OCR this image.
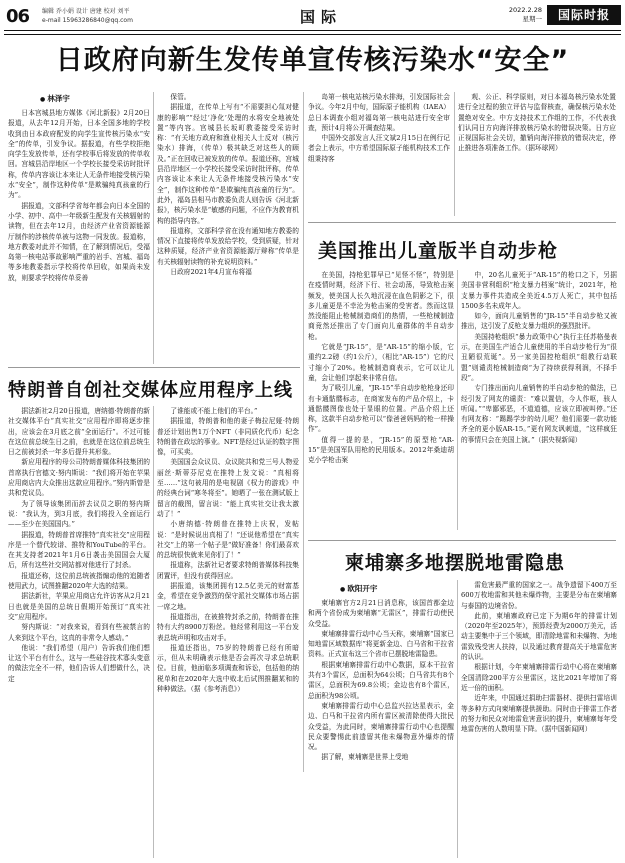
06 编辑 乔小娟 设计 唐建 校对 刘平
e-mail 15963286840@qq.com	国际	2022.2.28
星期一	国际时报
日政府向新生发传单宣传核污染水“安全”
● 林泽宇

日本宫城县地方媒体《河北新报》2月20日报道，从去年12月开始，日本全国多地的学校收到由日本政府配发的向学生宣传核污染水“安全”的传单，引发争议。据报道，有些学校拒绝向学生发放传单，还有学校事后将发放的传单收回。宫城县沿岸地区一个学校长接受采访时批评称，传单内容该让本来让人无条件地接受核污染水“安全”，制作这种传单“是欺骗纯真孩童的行为”。

据报道，文部科学省每年都会向日本全国的小学、初中、高中一年级新生配发有关核辐射的读物，但在去年12月，由经济产业省资源能源厅制作的涉核传单被与这物一同发放。报道称，地方教委对此并不知情，在了解到情况后，受福岛第一核电站事故影响严重的岩手、宫城、福岛等多地教委指示学校将传单回收，如果尚未发放，则要求学校将传单妥善

保管。

据报道，在传单上写有“不需要担心氚对健康的影响”“经过‘净化’处理的水将安全地被处置”等内容。宫城县长坂町教委接受采访时称：“有关地方政府和渔业相关人士反对（核污染水）排海，（传单）极其缺乏对这些人的顾及。”正在回收已被发放的传单。报道还称，宫城县沿岸地区一小学校长接受采访时批评称，传单内容该让本来让人无条件地接受核污染水“安全”，制作这种传单“是欺骗纯真孩童的行为”。此外，福岛县相马市教委负责人则告诉《河北新报》，核污染水是“敏感的问题，不应作为教育机构的指导内容。”

报道称，文部科学省在没有通知地方教委的情况下直接将传单发放给学校，受到质疑，针对这种质疑，经济产业省资源能源厅辩称“传单是有关核辐射读物的补充说明资料。”

日政府2021年4月宣布将福

岛第一核电站核污染水排海，引发国际社会争议。今年2月中旬，国际原子能机构（IAEA）总日本调查小组对福岛第一核电站进行安全审查，预计4月将公开调查结果。

中国外交部发言人汪文斌2月15日在例行记者会上表示，中方希望国际原子能机构技术工作组秉持客

观、公正、科学原则，对日本福岛核污染水处置进行全过程的独立评估与监督核查，确保核污染水处置绝对安全。中方支持技术工作组的工作，不代表我们认同日方向海洋排放核污染水的错误决策。日方应正视国际社会关切，撤销向海洋排放的错误决定，停止推进各项准备工作。（据环球网）

美国推出儿童版半自动步枪

在美国，持枪犯罪早已“见怪不怪”，特别是在疫情时期，经济下行、社会动荡，导致枪击案频发，使美国人长久地沉浸在血色阴影之下，很多儿童更是不幸沦为枪击案的受害者。然而这显然没能阻止枪械制造商们的热情，一些枪械制造商竟然还推出了专门面向儿童群体的半自动步枪。

它就是“JR-15”，是“AR-15”的缩小版，它重约2.2磅（约1公斤），（相比“AR-15”）它的尺寸缩小了20%。枪械制造商表示，它可以让儿童，会让他们享起来非常自信。

为了吸引儿童，“JR-15”半自动步枪枪身还印有卡通骷髅标志，在商家发布的产品介绍上，卡通骷髅图像也处于显眼的位置。产品介绍上还称，这款半自动步枪可以“像爸爸妈妈的枪一样操作”。

值得一提的是，“JR-15”的原型枪“AR-15”是美国军队用枪的民用版本。2012年桑迪胡克小学枪击案

中，20名儿童死于“AR-15”的枪口之下，另据美国非营利组织“枪支暴力档案”统计，2021年，枪支暴力事件共造成全美近4.5万人死亡，其中包括1500多名未成年人。

如今，面向儿童销售的“JR-15”半自动步枪又被推出，这引发了反枪支暴力组织的强烈批评。

美国持枪组织“暴力政策中心”执行主任苏格曼表示，在美国生产适合儿童使用的半自动步枪行为“很丑陋很荒诞”。另一家美国控枪组织“组教行动联盟”则谴责枪械制造商“为了持续获得利润，不择手段”。

专门推出面向儿童销售的半自动步枪的做法，已经引发了网友的谴责：“难以置信，今人作呕，骇人听闻。”“卑鄙邪恶，不道道德，应该立即被叫停。”还有网友称：“踢踢学步的幼儿呢？他们需要一款功能齐全的更小版AR-15。”更有网友讽刺道，“这样疯狂的事情只会在美国上演。”（据央视新闻）

特朗普自创社交媒体应用程序上线

据法新社2月20日报道，唐纳德·特朗普的新社交媒体平台“真实社交”应用程序即将逐步推出，应该会在3月底之前“全面运行”。不过可能在这位前总统生日之前，也就是在这位前总统生日之前被封杀一年多后提升其形象。

新应用程序的母公司特朗普媒体科技集团的首席执行官德文·努内斯说：“我们将开始在苹果应用商店内大众推出这款应用程序。”努内斯曾是共和党议员。

为了领导该集团而辞去议员之职的努内斯说：“我认为，到3月底，我们将投入全面运行——至少在美国国内。”

据报道，特朗普首席推特“真实社交”应用程序是一个替代较谱、推特和YouTube的平台。在其支持者2021年1月6日袭击美国国会大厦后，所有这些社交网站都对他进行了封杀。

报道还称，这位前总统被指煽动他的追随者使用武力，试图推翻2020年大选的结果。

据法新社，苹果应用商店允许访客从2月21日也就是美国的总统日假期开始预订“真实社交”应用程序。

努内斯说：“对我来说，看到有些被禁言的人来到这个平台，这真的非常令人感动。”

他说：“我们希望（用户）告诉我们他们想让这个平台有什么，这与一些硅谷技术寡头变意的做法完全不一样，他们告诉人们想做什么，决定

了谁能或不能上他们的平台。”

据报道，特朗普和他的妻子梅拉尼娅·特朗普还计划出售1万个NFT（非同质化代币）纪念特朗普在政坛的事业。NFT是经过认证的数字图像，可买卖。

美国国会众议员、众议院共和党三号人物爱丽丝·斯蒂芬尼克在推特上发文说：“真相将至……”这句被用的是电视剧《权力的游戏》中的经典台词“寒冬将至”。她晒了一张在测试版上留言的截图，留言说：“能上真实社交让我太激动了！”

小唐纳德·特朗普在推特上庆祝，发帖说：“是时候说出真相了！”还说他希望在“真实社交”上的第一个帖子是“做好准备！你们最喜欢的总统很快就来见你们了！”

报道称，法新社记者要求特朗普媒体科技集团置评，但没有获得回应。

据报道，该集团拥有12.5亿美元的财富基金，希望在竞争激烈的保守派社交媒体市场占据一席之地。

报道指出，在被推特封杀之前，特朗普在推特有大约8900万粉丝。他经常利用这一平台发表总统声明和攻击对手。

报道还指出，75岁的特朗普已经有所暗示，但从未明确表示他是否会再次寻求总统职位。目前，他面临多项调查和诉讼，包括他的纳税单和在2020年大选中败北后试图推翻某和的种种做法。（据《参考消息》）

柬埔寨多地摆脱地雷隐患
● 欧阳开宇

柬埔寨官方2月21日消息称，该国首都金边和两个省份成为柬埔寨“无雷区”，排雷行动使民众受益。

柬埔寨排雷行动中心当天称，柬埔寨“国家已知地雷区域数据库”将更新金边、白马省和干拉省资料。正式宣布这三个省市已摆脱地雷隐患。

根据柬埔寨排雷行动中心数据，原本干拉省共有3个雷区，总面积为64公顷；白马省共有8个雷区，总面积为69.8公顷；金边也有8个雷区，总面积为98公顷。

柬埔寨排雷行动中心总监兴拉达星表示，金边、白马和干拉省内所有雷区被清除使得大批民众受益，为此同时，柬埔寨排雷行动中心也提醒民众要警惕此前遗留其他未爆物意外爆炸的情况。

据了解，柬埔寨是世界上受地

雷危害最严重的国家之一。战争遗留下400万至600万枚地雷和其他未爆炸物，主要是分布在柬埔寨与泰国的边境省份。

此前，柬埔寨政府已定下为期6年的排雷计划（2020年至2025年），预算经费为2000万美元，活动主要集中于三个领域，即清除地雷和未爆物、为地雷致残受害人扶持，以及通过教育提高关于地雷危害的认识。

根据计划，今年柬埔寨排雷行动中心将在柬埔寨全国清除200平方公里雷区，这比2021年增加了将近一倍的面积。

近年来，中国通过捐助扫雷器材、提供扫雷培训等多种方式向柬埔寨提供援助。同时由于排雷工作者的努力和民众对地雷危害意识的提升，柬埔寨每年受地雷伤害的人数明显下降。（据中国新闻网）
